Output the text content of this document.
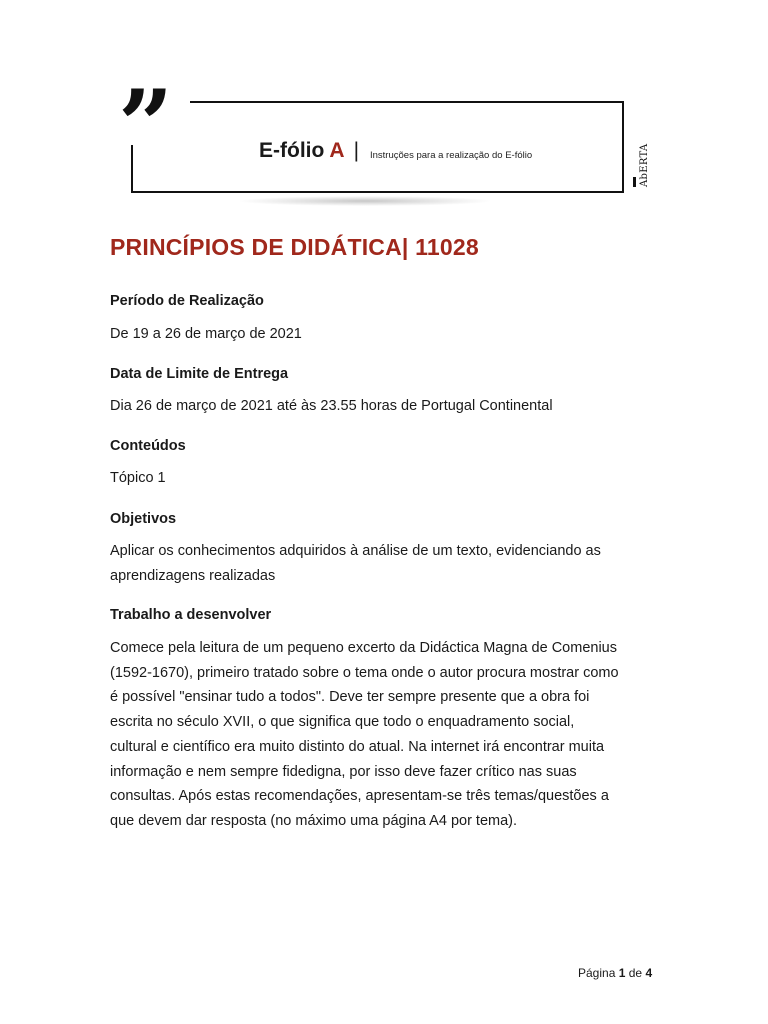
”	E-fólio A | Instruções para a realização do E-fólio	AbERTA
PRINCÍPIOS DE DIDÁTICA| 11028
Período de Realização

De 19 a 26 de março de 2021

Data de Limite de Entrega

Dia 26 de março de 2021 até às 23.55 horas de Portugal Continental

Conteúdos

Tópico 1

Objetivos
Aplicar os conhecimentos adquiridos à análise de um texto, evidenciando as
aprendizagens realizadas
Trabalho a desenvolver
Comece pela leitura de um pequeno excerto da Didáctica Magna de Comenius
(1592-1670), primeiro tratado sobre o tema onde o autor procura mostrar como
é possível "ensinar tudo a todos". Deve ter sempre presente que a obra foi
escrita no século XVII, o que significa que todo o enquadramento social,
cultural e científico era muito distinto do atual. Na internet irá encontrar muita
informação e nem sempre fidedigna, por isso deve fazer crítico nas suas
consultas. Após estas recomendações, apresentam-se três temas/questões a
que devem dar resposta (no máximo uma página A4 por tema).
Página 1 de 4
